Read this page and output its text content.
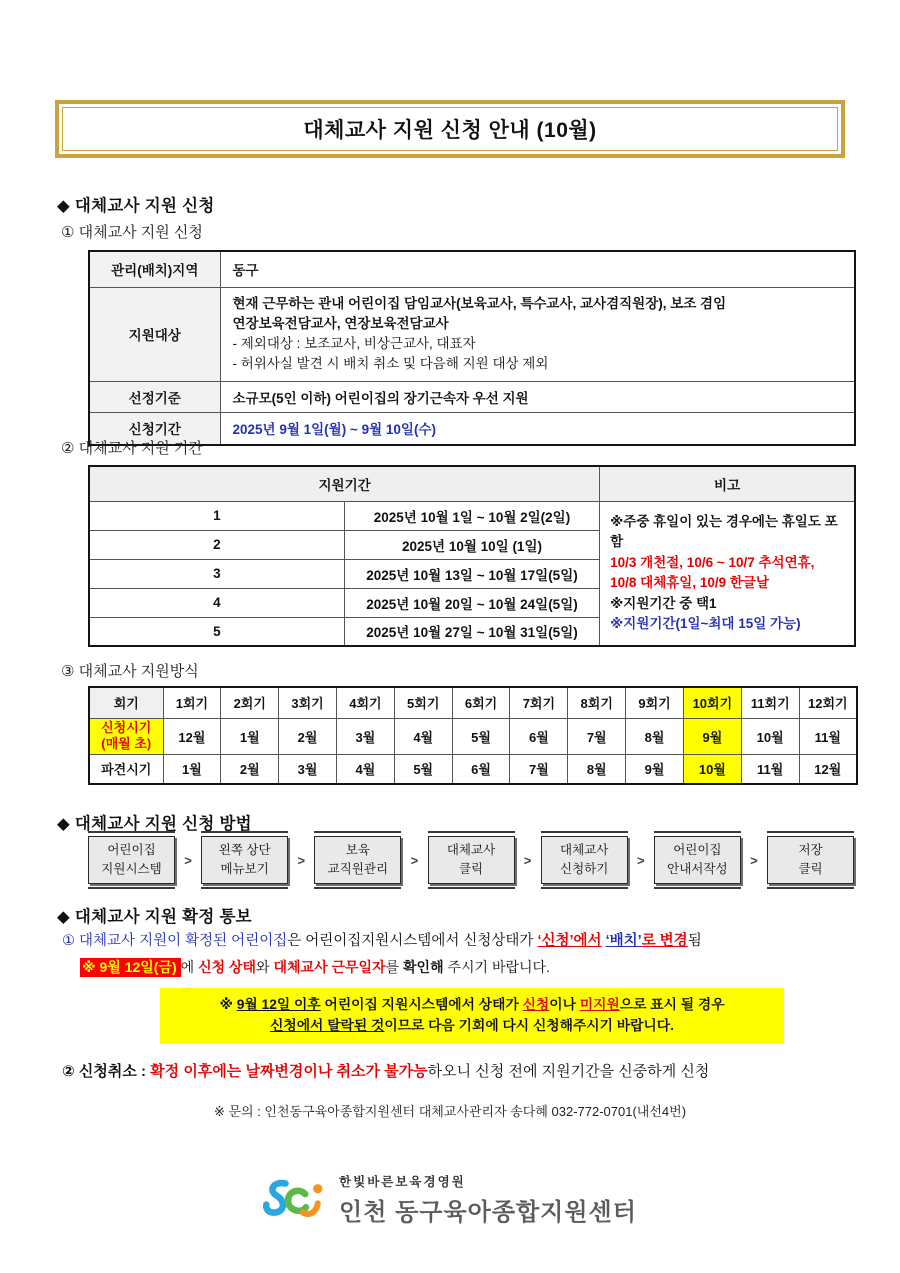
대체교사 지원 신청 안내 (10월)
◆ 대체교사 지원 신청
① 대체교사 지원 신청
관리(배치)지역	동구
지원대상	현재 근무하는 관내 어린이집 담임교사(보육교사, 특수교사, 교사겸직원장), 보조 겸임
연장보육전담교사, 연장보육전담교사
- 제외대상 : 보조교사, 비상근교사, 대표자
- 허위사실 발견 시 배치 취소 및 다음해 지원 대상 제외

선정기준	소규모(5인 이하) 어린이집의 장기근속자 우선 지원
신청기간	2025년 9월 1일(월) ~ 9월 10일(수)
② 대체교사 지원 기간
지원기간		비고
1	2025년 10월 1일 ~ 10월 2일(2일)	※주중 휴일이 있는 경우에는 휴일도 포함
10/3 개천절, 10/6 ~ 10/7 추석연휴,
10/8 대체휴일, 10/9 한글날
※지원기간 중 택1
※지원기간(1일~최대 15일 가능)

2	2025년 10월 10일 (1일)	
3	2025년 10월 13일 ~ 10월 17일(5일)	
4	2025년 10월 20일 ~ 10월 24일(5일)	
5	2025년 10월 27일 ~ 10월 31일(5일)	
③ 대체교사 지원방식
회기	1회기	2회기	3회기	4회기	5회기	6회기	7회기	8회기	9회기	10회기	11회기	12회기

신청시기
(매월 초)	12월	1월	2월	3월	4월	5월	6월	7월	8월	9월	10월	11월
파견시기	1월	2월	3월	4월	5월	6월	7월	8월	9월	10월	11월	12월
◆ 대체교사 지원 신청 방법
어린이집
지원시스템
>
왼쪽 상단
메뉴보기
>
보육
교직원관리
>
대체교사
클릭
>
대체교사
신청하기
>
어린이집
안내서작성
>
저장
클릭
◆ 대체교사 지원 확정 통보
① 대체교사 지원이 확정된 어린이집은 어린이집지원시스템에서 신청상태가 ‘신청’에서 ‘배치’로 변경됨
※ 9월 12일(금) 에 신청 상태와 대체교사 근무일자를 확인해 주시기 바랍니다.
※ 9월 12일 이후 어린이집 지원시스템에서 상태가 신청이나 미지원으로 표시 될 경우
신청에서 탈락된 것이므로 다음 기회에 다시 신청해주시기 바랍니다.
② 신청취소 : 확정 이후에는 날짜변경이나 취소가 불가능하오니 신청 전에 지원기간을 신중하게 신청
※ 문의 : 인천동구육아종합지원센터 대체교사관리자 송다혜 032-772-0701(내선4번)
한빛바른보육경영원
인천 동구육아종합지원센터
